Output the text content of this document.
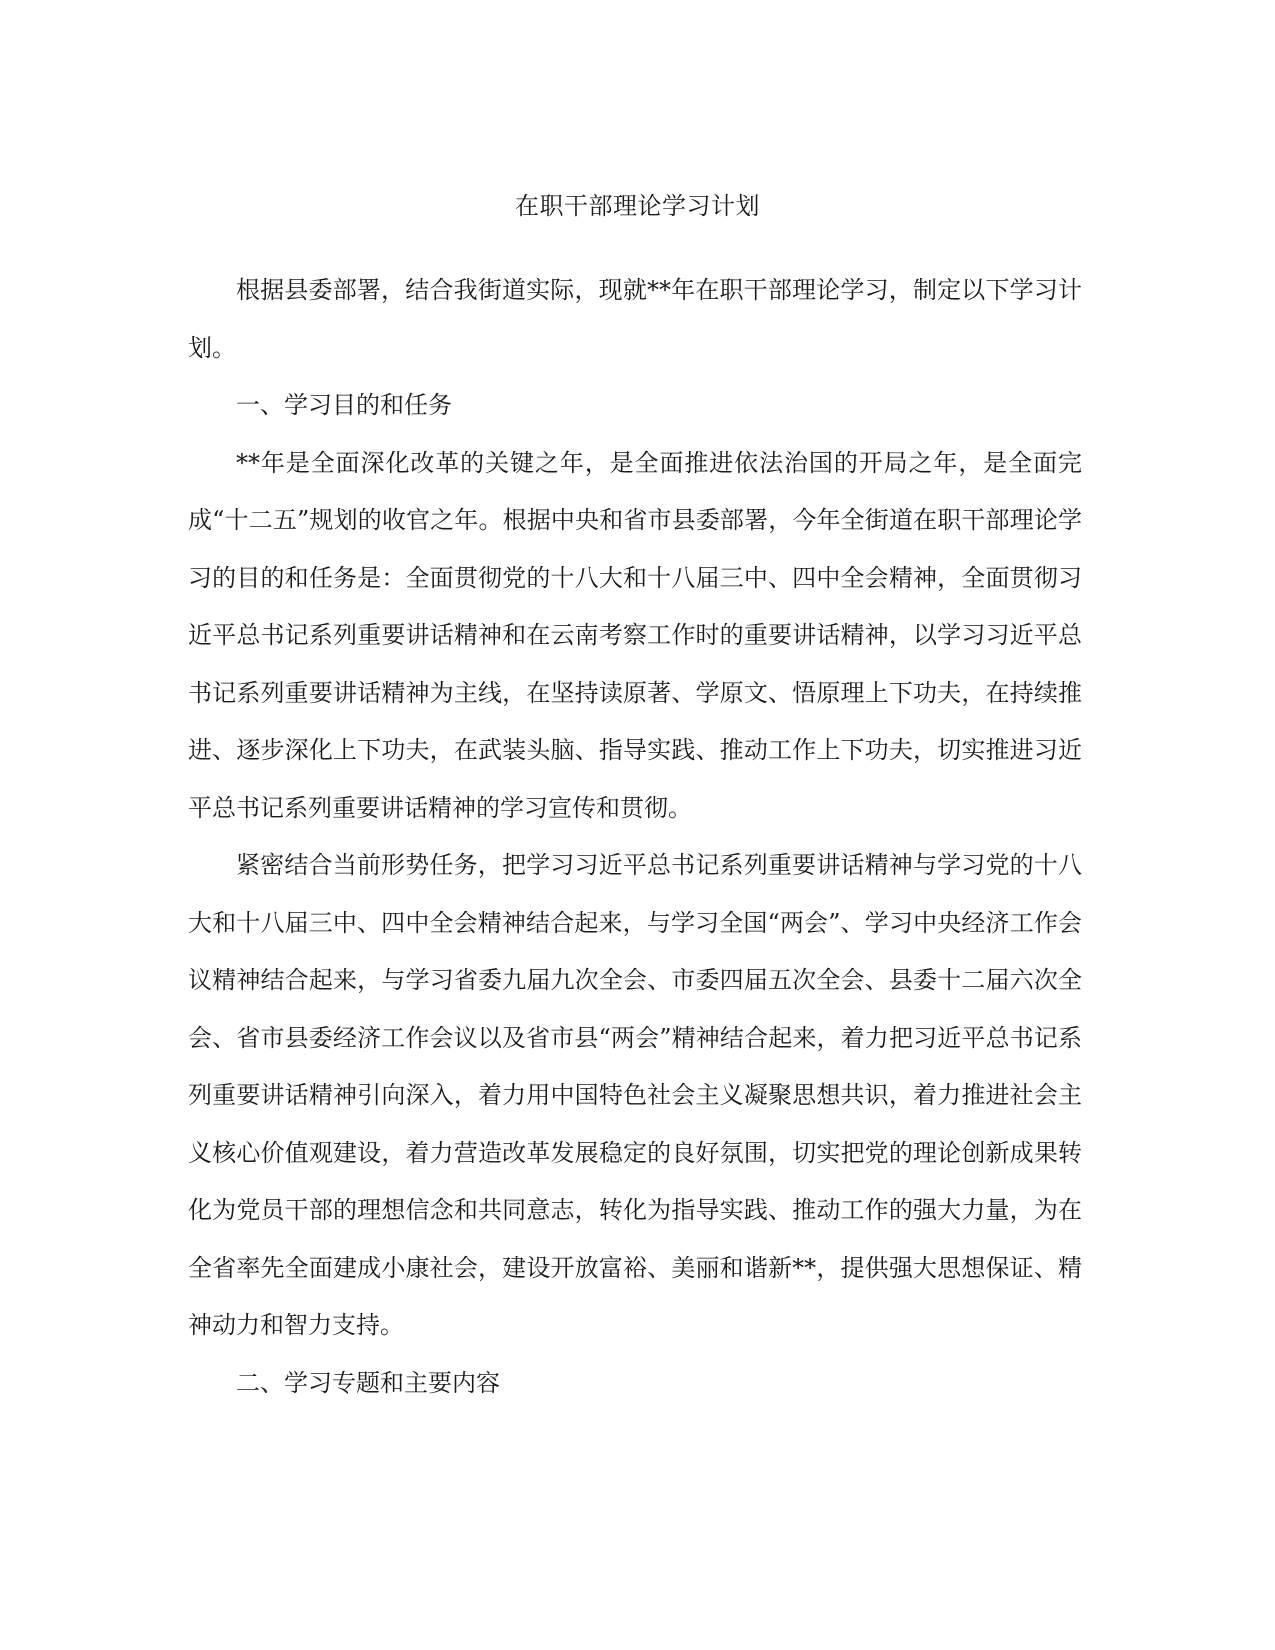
在职干部理论学习计划

根据县委部署，结合我街道实际，现就**年在职干部理论学习，制定以下学习计划。

一、学习目的和任务

**年是全面深化改革的关键之年，是全面推进依法治国的开局之年，是全面完成“十二五”规划的收官之年。根据中央和省市县委部署，今年全街道在职干部理论学习的目的和任务是：全面贯彻党的十八大和十八届三中、四中全会精神，全面贯彻习近平总书记系列重要讲话精神和在云南考察工作时的重要讲话精神，以学习习近平总书记系列重要讲话精神为主线，在坚持读原著、学原文、悟原理上下功夫，在持续推进、逐步深化上下功夫，在武装头脑、指导实践、推动工作上下功夫，切实推进习近平总书记系列重要讲话精神的学习宣传和贯彻。

紧密结合当前形势任务，把学习习近平总书记系列重要讲话精神与学习党的十八大和十八届三中、四中全会精神结合起来，与学习全国“两会”、学习中央经济工作会议精神结合起来，与学习省委九届九次全会、市委四届五次全会、县委十二届六次全会、省市县委经济工作会议以及省市县“两会”精神结合起来，着力把习近平总书记系列重要讲话精神引向深入，着力用中国特色社会主义凝聚思想共识，着力推进社会主义核心价值观建设，着力营造改革发展稳定的良好氛围，切实把党的理论创新成果转化为党员干部的理想信念和共同意志，转化为指导实践、推动工作的强大力量，为在全省率先全面建成小康社会，建设开放富裕、美丽和谐新**，提供强大思想保证、精神动力和智力支持。

二、学习专题和主要内容
